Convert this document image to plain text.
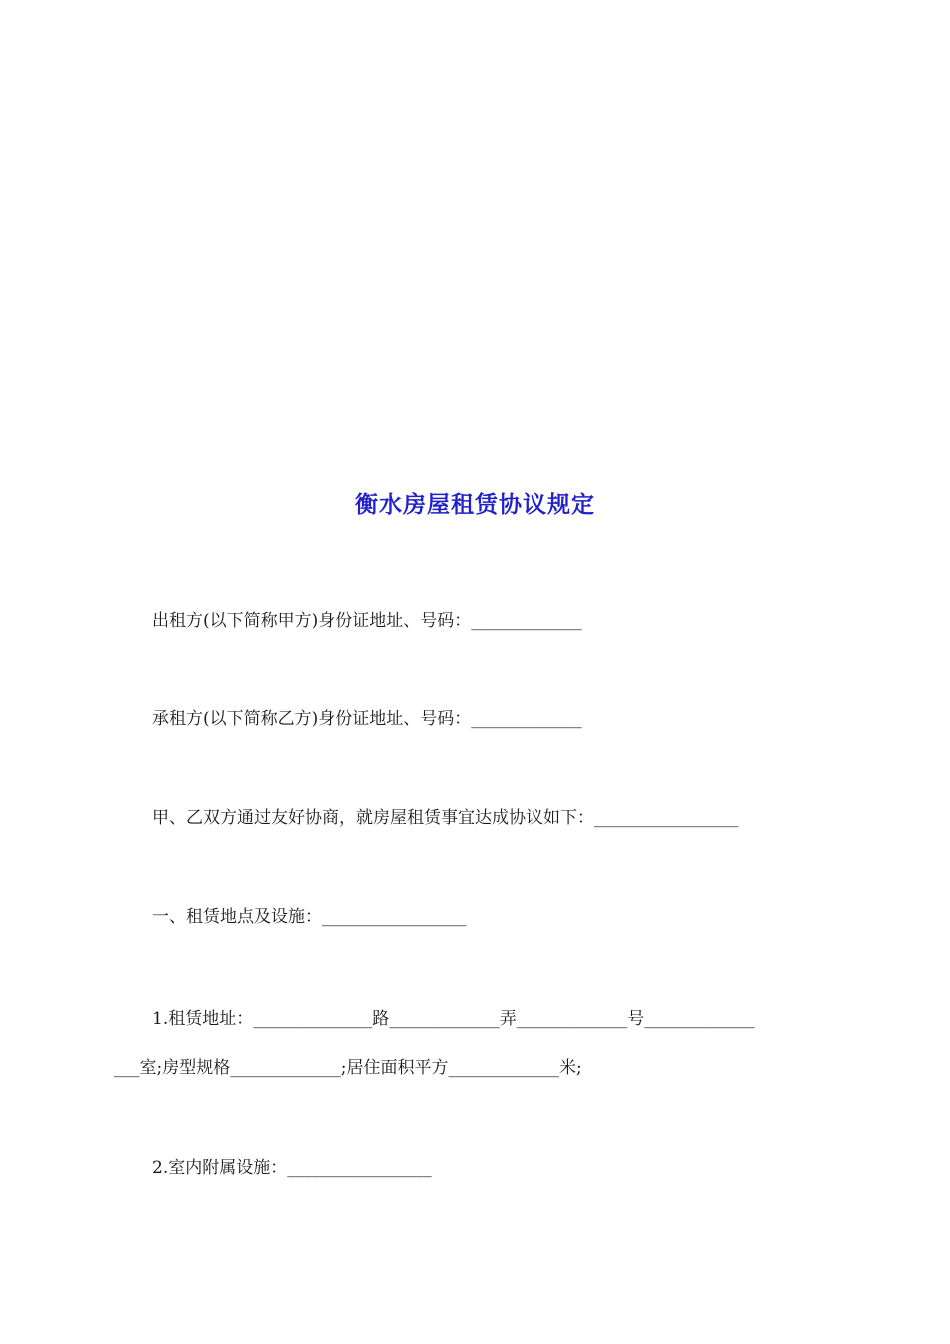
衡水房屋租赁协议规定
出租方(以下简称甲方)身份证地址、号码：_____________
承租方(以下简称乙方)身份证地址、号码：_____________
甲、乙双方通过友好协商，就房屋租赁事宜达成协议如下：_________________
一、租赁地点及设施：_________________
1.租赁地址：______________路_____________弄_____________号_____________
___室;房型规格_____________;居住面积平方_____________米;
2.室内附属设施：_________________
